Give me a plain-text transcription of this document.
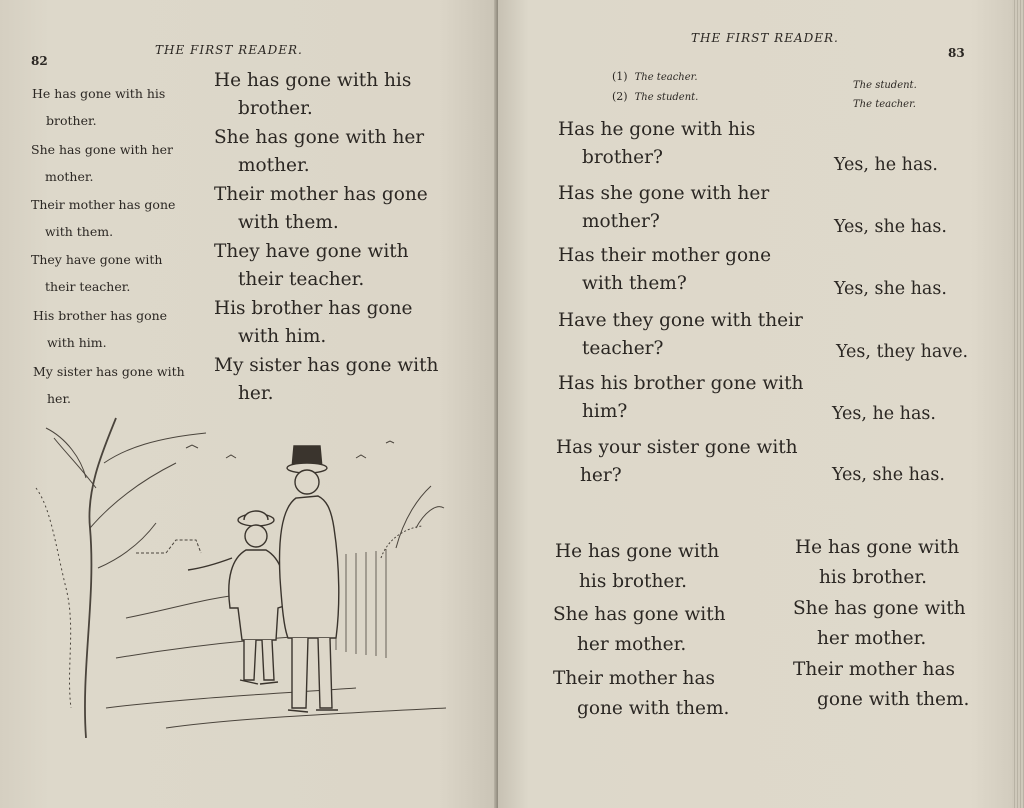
82
THE FIRST READER.
He has gone with his
brother.
She has gone with her
mother.
Their mother has gone
with them.
They have gone with
their teacher.
His brother has gone
with him.
My sister has gone with
her.
He has gone with his
brother.
She has gone with her
mother.
Their mother has gone
with them.
They have gone with
their teacher.
His brother has gone
with him.
My sister has gone with
her.
THE FIRST READER.
83
(1) The teacher.
(2) The student.
The student.
The teacher.
Has he gone with his
brother?
Has she gone with her
mother?
Has their mother gone
with them?
Have they gone with their
teacher?
Has his brother gone with
him?
Has your sister gone with
her?
Yes, he has.
Yes, she has.
Yes, she has.
Yes, they have.
Yes, he has.
Yes, she has.
He has gone with
his brother.
She has gone with
her mother.
Their mother has
gone with them.
He has gone with
his brother.
She has gone with
her mother.
Their mother has
gone with them.
